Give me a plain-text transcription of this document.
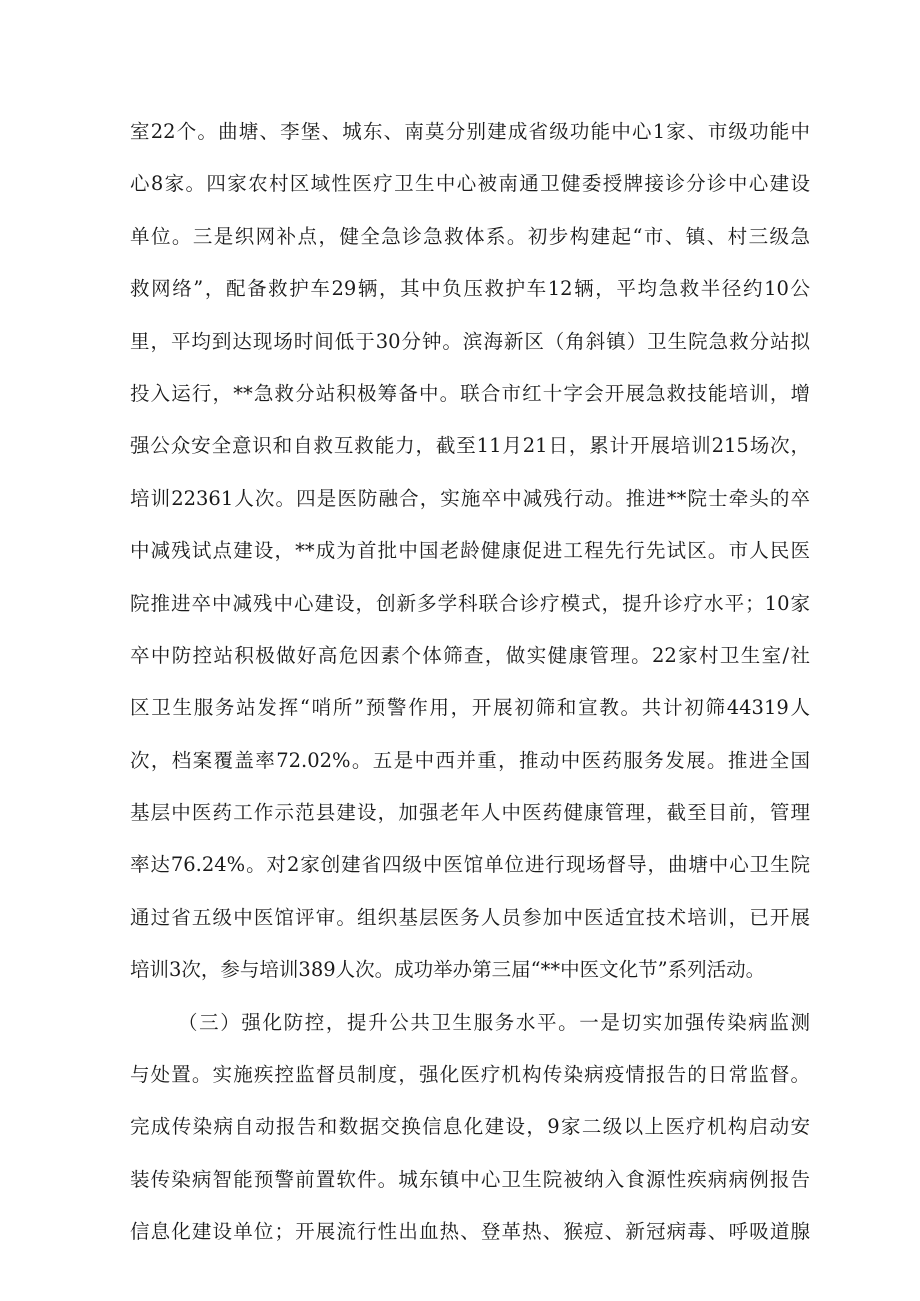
室22个。曲塘、李堡、城东、南莫分别建成省级功能中心1家、市级功能中
心8家。四家农村区域性医疗卫生中心被南通卫健委授牌接诊分诊中心建设
单位。三是织网补点，健全急诊急救体系。初步构建起“市、镇、村三级急
救网络”，配备救护车29辆，其中负压救护车12辆，平均急救半径约10公
里，平均到达现场时间低于30分钟。滨海新区（角斜镇）卫生院急救分站拟
投入运行，**急救分站积极筹备中。联合市红十字会开展急救技能培训，增
强公众安全意识和自救互救能力，截至11月21日，累计开展培训215场次，
培训22361人次。四是医防融合，实施卒中减残行动。推进**院士牵头的卒
中减残试点建设，**成为首批中国老龄健康促进工程先行先试区。市人民医
院推进卒中减残中心建设，创新多学科联合诊疗模式，提升诊疗水平；10家
卒中防控站积极做好高危因素个体筛查，做实健康管理。22家村卫生室/社
区卫生服务站发挥“哨所”预警作用，开展初筛和宣教。共计初筛44319人
次，档案覆盖率72.02%。五是中西并重，推动中医药服务发展。推进全国
基层中医药工作示范县建设，加强老年人中医药健康管理，截至目前，管理
率达76.24%。对2家创建省四级中医馆单位进行现场督导，曲塘中心卫生院
通过省五级中医馆评审。组织基层医务人员参加中医适宜技术培训，已开展
培训3次，参与培训389人次。成功举办第三届“**中医文化节”系列活动。
（三）强化防控，提升公共卫生服务水平。一是切实加强传染病监测
与处置。实施疾控监督员制度，强化医疗机构传染病疫情报告的日常监督。
完成传染病自动报告和数据交换信息化建设，9家二级以上医疗机构启动安
装传染病智能预警前置软件。城东镇中心卫生院被纳入食源性疾病病例报告
信息化建设单位；开展流行性出血热、登革热、猴痘、新冠病毒、呼吸道腺
